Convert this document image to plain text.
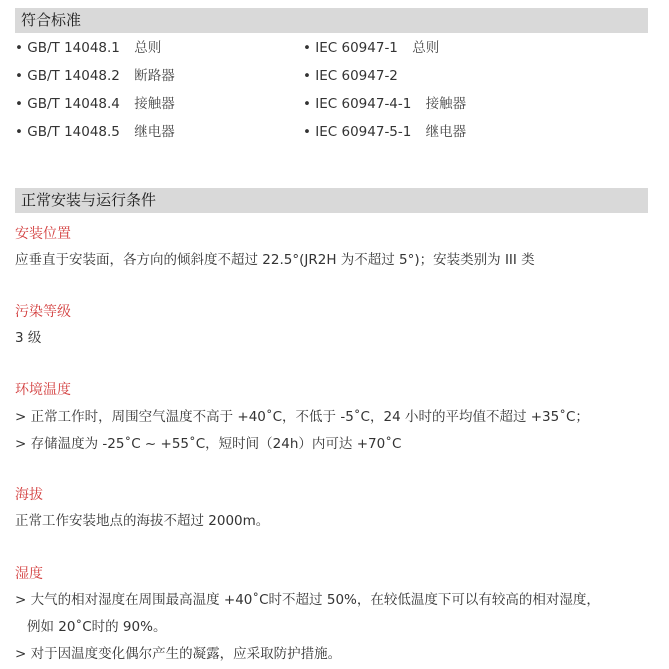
符合标准
• GB/T 14048.1 总则	• IEC 60947-1 总则
• GB/T 14048.2 断路器	• IEC 60947-2
• GB/T 14048.4 接触器	• IEC 60947-4-1 接触器
• GB/T 14048.5 继电器	• IEC 60947-5-1 继电器
正常安装与运行条件

安装位置

应垂直于安装面，各方向的倾斜度不超过 22.5°(JR2H 为不超过 5°)；安装类别为 III 类

污染等级

3 级

环境温度

> 正常工作时，周围空气温度不高于 +40˚C，不低于 -5˚C，24 小时的平均值不超过 +35˚C；

> 存储温度为 -25˚C ~ +55˚C，短时间（24h）内可达 +70˚C

海拔

正常工作安装地点的海拔不超过 2000m。

湿度

> 大气的相对湿度在周围最高温度 +40˚C时不超过 50%，在较低温度下可以有较高的相对湿度，

例如 20˚C时的 90%。

> 对于因温度变化偶尔产生的凝露，应采取防护措施。
